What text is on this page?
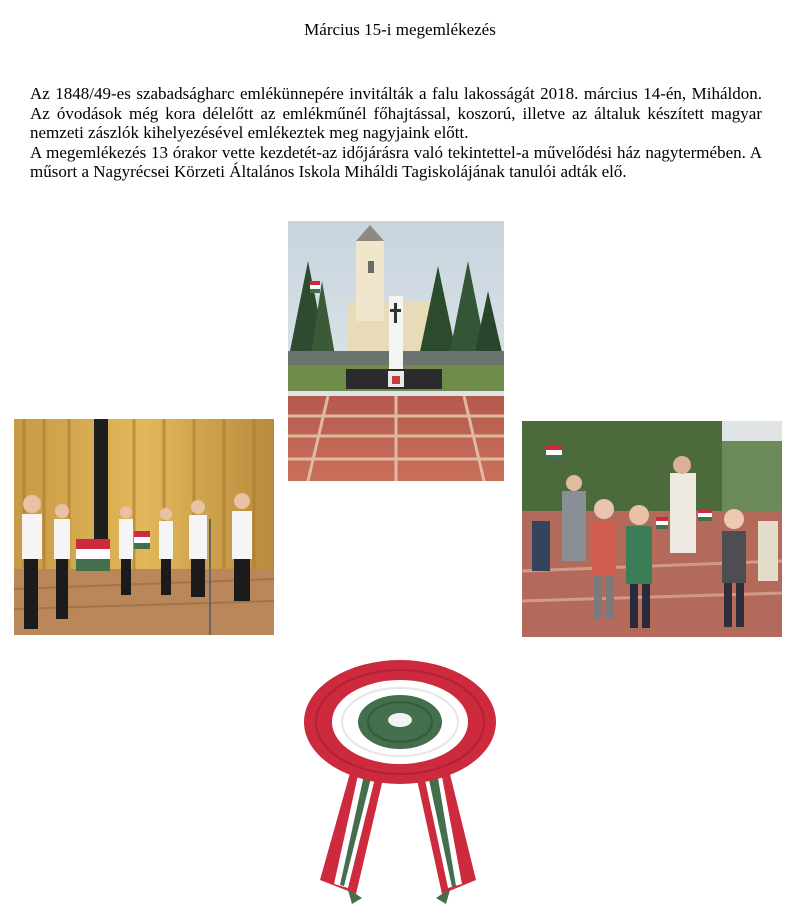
Március 15-i megemlékezés

Az 1848/49-es szabadságharc emlékünnepére invitálták a falu lakosságát 2018. március 14-én, Miháldon. Az óvodások még kora délelőtt az emlékműnél főhajtással, koszorú, illetve az általuk készített magyar nemzeti zászlók kihelyezésével emlékeztek meg nagyjaink előtt.

A megemlékezés 13 órakor vette kezdetét-az időjárásra való tekintettel-a művelődési ház nagytermében. A műsort a Nagyrécsei Körzeti Általános Iskola Miháldi Tagiskolájának tanulói adták elő.
